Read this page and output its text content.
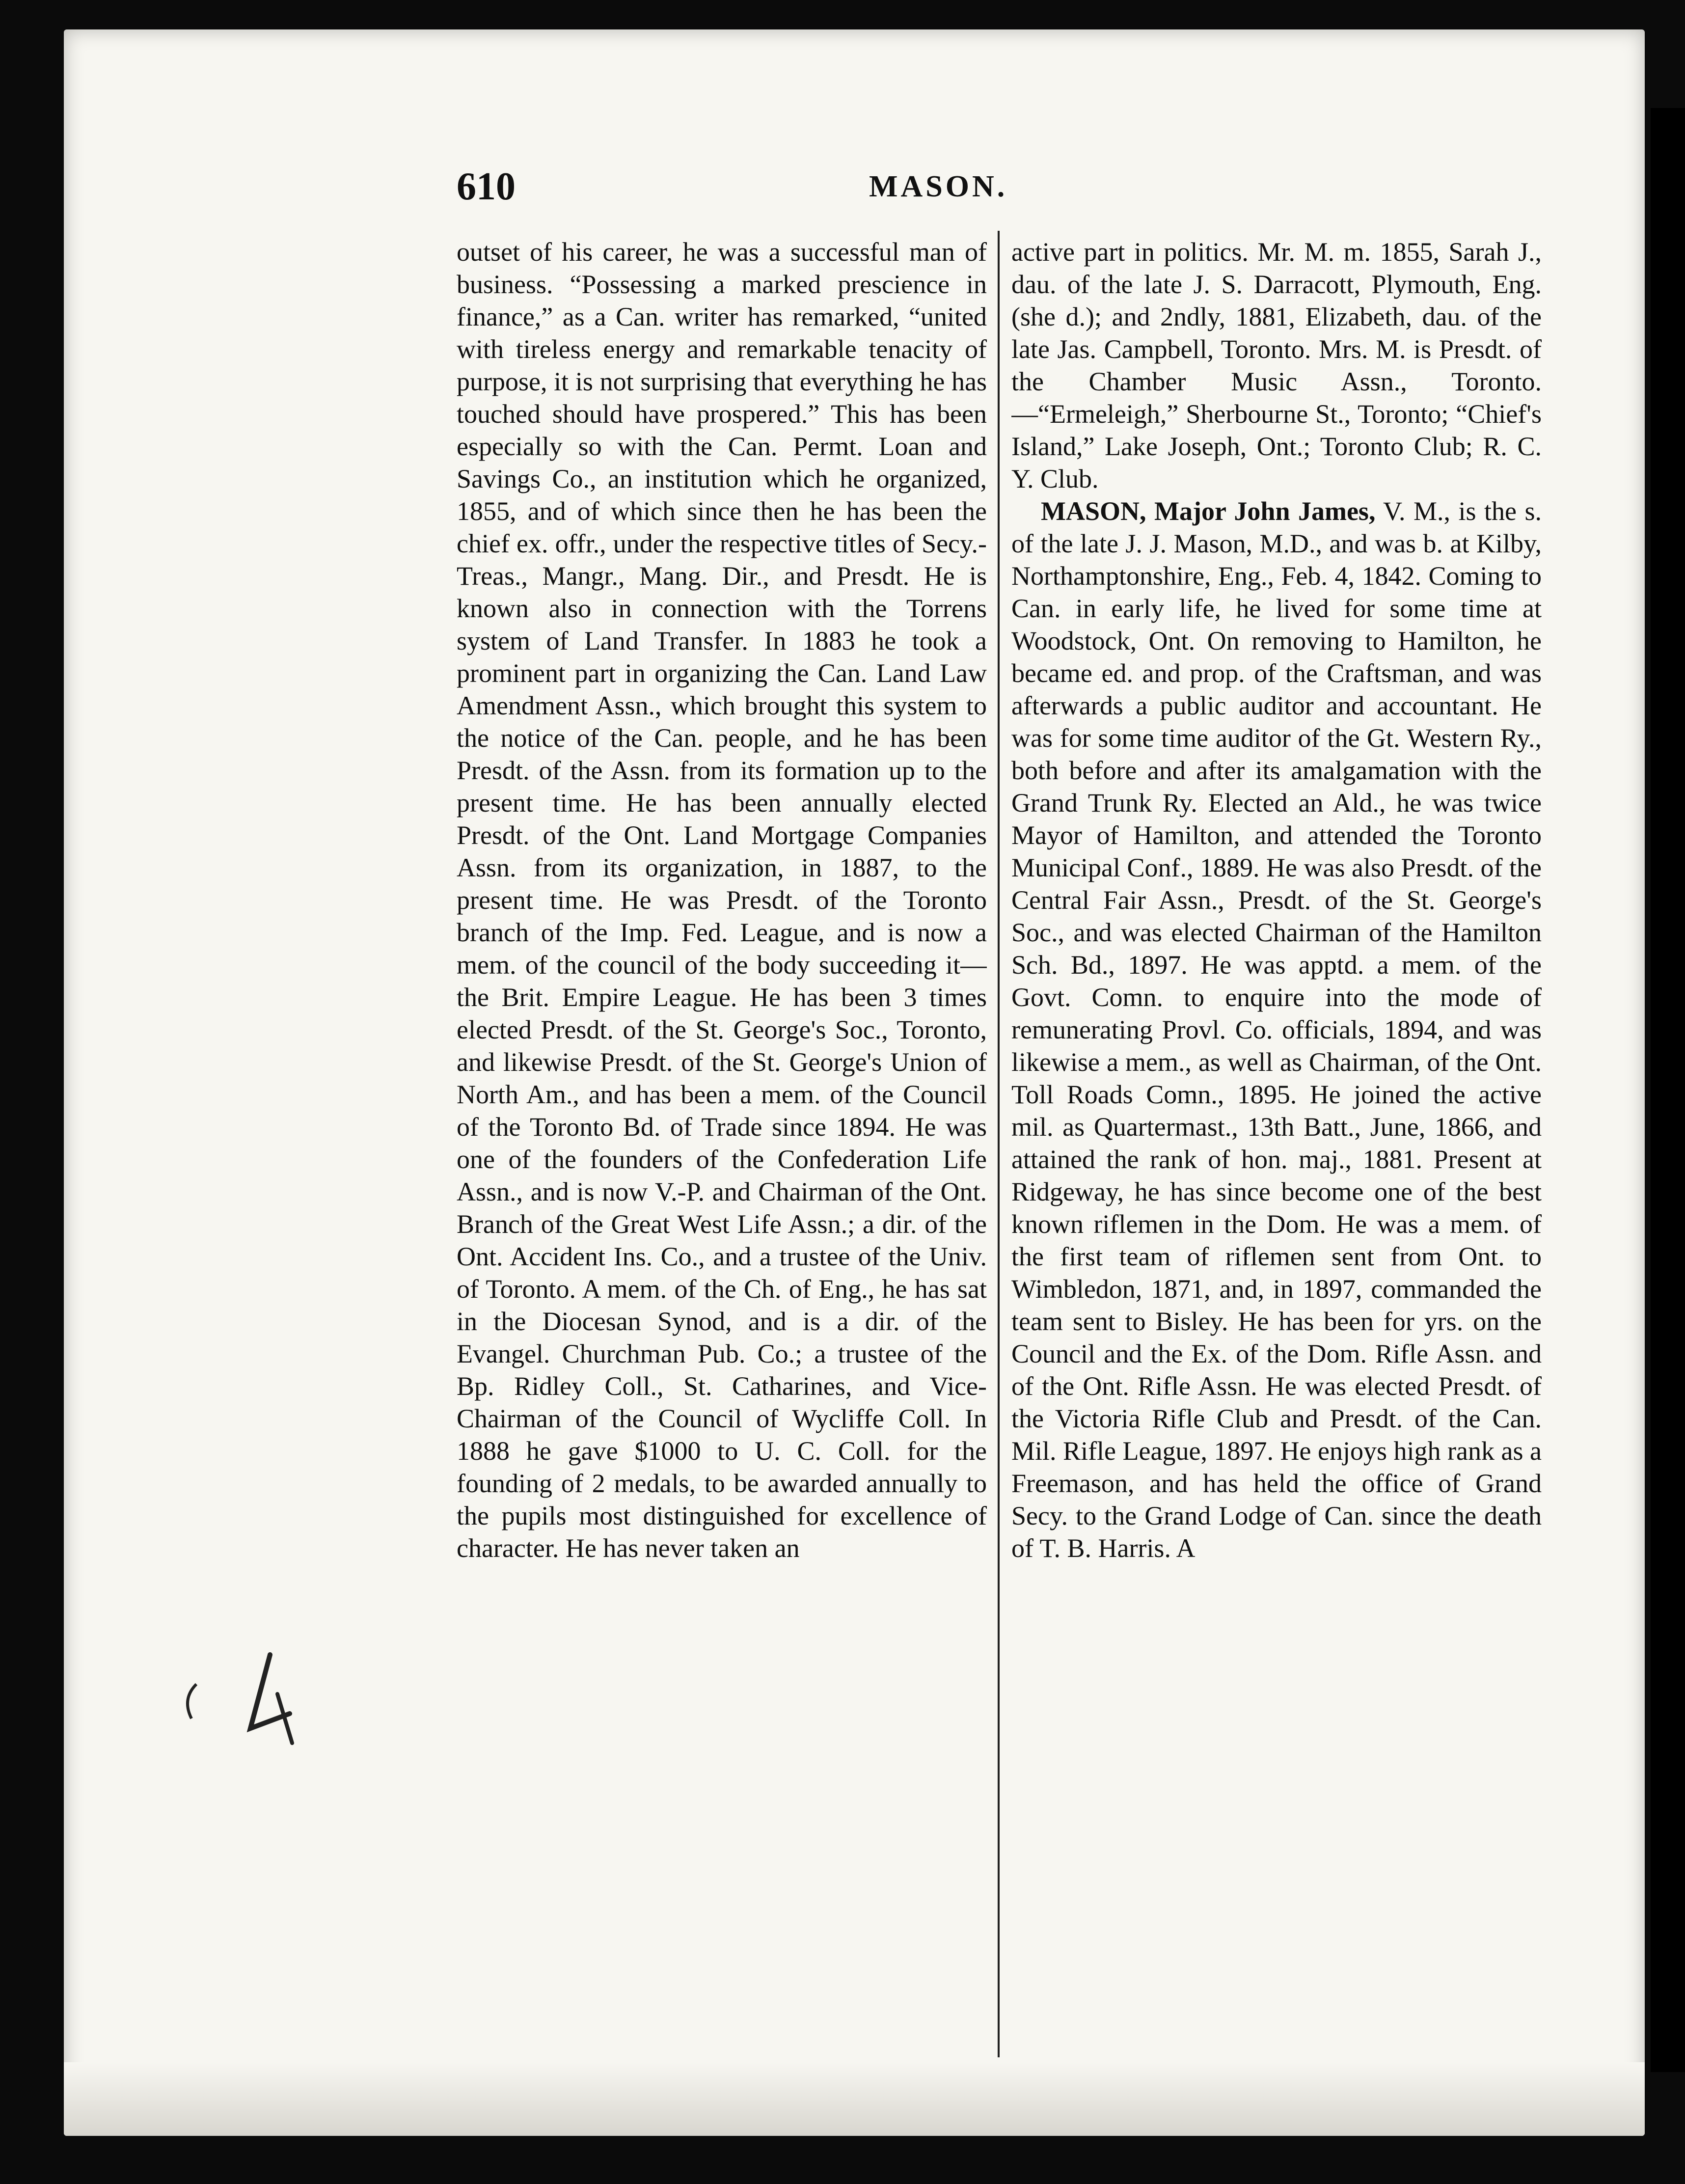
610	MASON.

outset of his career, he was a successful man of business. “Possessing a marked prescience in finance,” as a Can. writer has remarked, “united with tireless energy and remarkable tenacity of purpose, it is not surprising that everything he has touched should have prospered.” This has been especially so with the Can. Permt. Loan and Savings Co., an institution which he organized, 1855, and of which since then he has been the chief ex. offr., under the respective titles of Secy.-Treas., Mangr., Mang. Dir., and Presdt. He is known also in connection with the Torrens system of Land Transfer. In 1883 he took a prominent part in organizing the Can. Land Law Amendment Assn., which brought this system to the notice of the Can. people, and he has been Presdt. of the Assn. from its formation up to the present time. He has been annually elected Presdt. of the Ont. Land Mortgage Companies Assn. from its organization, in 1887, to the present time. He was Presdt. of the Toronto branch of the Imp. Fed. League, and is now a mem. of the council of the body succeeding it—the Brit. Empire League. He has been 3 times elected Presdt. of the St. George's Soc., Toronto, and likewise Presdt. of the St. George's Union of North Am., and has been a mem. of the Council of the Toronto Bd. of Trade since 1894. He was one of the founders of the Confederation Life Assn., and is now V.-P. and Chairman of the Ont. Branch of the Great West Life Assn.; a dir. of the Ont. Accident Ins. Co., and a trustee of the Univ. of Toronto. A mem. of the Ch. of Eng., he has sat in the Diocesan Synod, and is a dir. of the Evangel. Churchman Pub. Co.; a trustee of the Bp. Ridley Coll., St. Catharines, and Vice-Chairman of the Council of Wycliffe Coll. In 1888 he gave $1000 to U. C. Coll. for the founding of 2 medals, to be awarded annually to the pupils most distinguished for excellence of character. He has never taken an

active part in politics. Mr. M. m. 1855, Sarah J., dau. of the late J. S. Darracott, Plymouth, Eng. (she d.); and 2ndly, 1881, Elizabeth, dau. of the late Jas. Campbell, Toronto. Mrs. M. is Presdt. of the Chamber Music Assn., Toronto.—“Ermeleigh,” Sherbourne St., Toronto; “Chief's Island,” Lake Joseph, Ont.; Toronto Club; R. C. Y. Club.

MASON, Major John James, V. M., is the s. of the late J. J. Mason, M.D., and was b. at Kilby, Northamptonshire, Eng., Feb. 4, 1842. Coming to Can. in early life, he lived for some time at Woodstock, Ont. On removing to Hamilton, he became ed. and prop. of the Craftsman, and was afterwards a public auditor and accountant. He was for some time auditor of the Gt. Western Ry., both before and after its amalgamation with the Grand Trunk Ry. Elected an Ald., he was twice Mayor of Hamilton, and attended the Toronto Municipal Conf., 1889. He was also Presdt. of the Central Fair Assn., Presdt. of the St. George's Soc., and was elected Chairman of the Hamilton Sch. Bd., 1897. He was apptd. a mem. of the Govt. Comn. to enquire into the mode of remunerating Provl. Co. officials, 1894, and was likewise a mem., as well as Chairman, of the Ont. Toll Roads Comn., 1895. He joined the active mil. as Quartermast., 13th Batt., June, 1866, and attained the rank of hon. maj., 1881. Present at Ridgeway, he has since become one of the best known riflemen in the Dom. He was a mem. of the first team of riflemen sent from Ont. to Wimbledon, 1871, and, in 1897, commanded the team sent to Bisley. He has been for yrs. on the Council and the Ex. of the Dom. Rifle Assn. and of the Ont. Rifle Assn. He was elected Presdt. of the Victoria Rifle Club and Presdt. of the Can. Mil. Rifle League, 1897. He enjoys high rank as a Freemason, and has held the office of Grand Secy. to the Grand Lodge of Can. since the death of T. B. Harris. A
